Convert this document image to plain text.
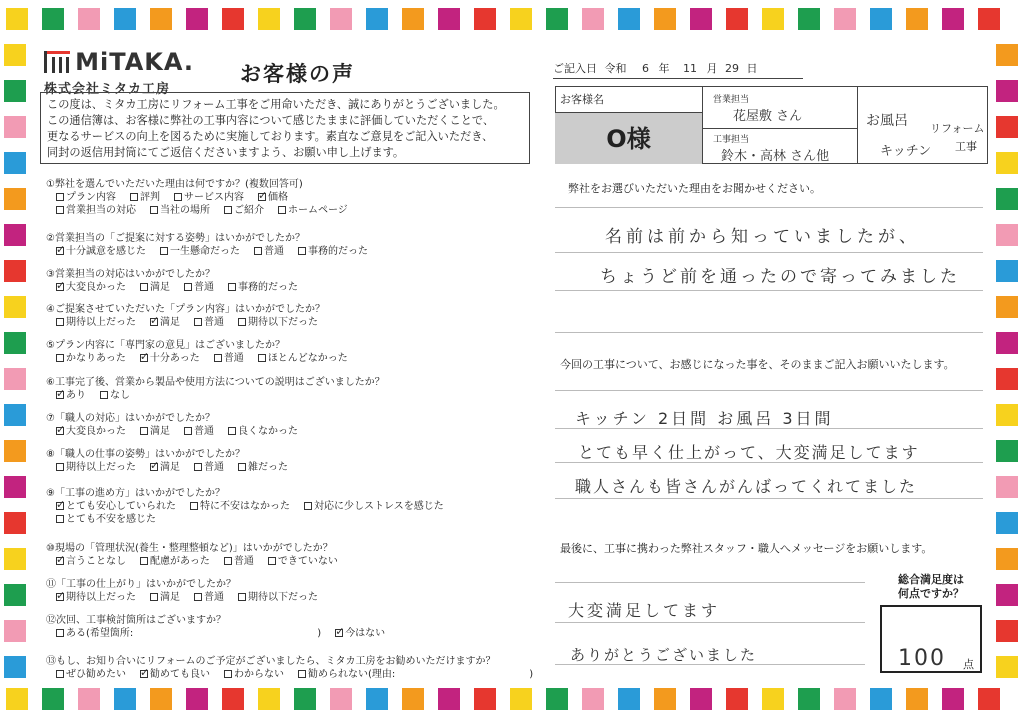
MiTAKA.
株式会社ミタカ工房
お客様の声
この度は、ミタカ工房にリフォーム工事をご用命いただき、誠にありがとうございました。
この通信簿は、お客様に弊社の工事内容について感じたままに評価していただくことで、
更なるサービスの向上を図るために実施しております。素直なご意見をご記入いただき、
同封の返信用封筒にてご返信くださいますよう、お願い申し上げます。
①弊社を選んでいただいた理由は何ですか？(複数回答可)
プラン内容 評判 サービス内容 ✓ 価格
営業担当の対応 当社の場所 ご紹介 ホームページ
②営業担当の「ご提案に対する姿勢」はいかがでしたか？
✓十分誠意を感じた 一生懸命だった 普通 事務的だった
③営業担当の対応はいかがでしたか？
✓大変良かった 満足 普通 事務的だった
④ご提案させていただいた「プラン内容」はいかがでしたか？
期待以上だった ✓ 満足 普通 期待以下だった
⑤プラン内容に「専門家の意見」はございましたか？
かなりあった ✓ 十分あった 普通 ほとんどなかった
⑥工事完了後、営業から製品や使用方法についての説明はございましたか？
✓あり なし
⑦「職人の対応」はいかがでしたか？
✓大変良かった 満足 普通 良くなかった
⑧「職人の仕事の姿勢」はいかがでしたか？
期待以上だった ✓ 満足 普通 雑だった
⑨「工事の進め方」はいかがでしたか？
✓とても安心していられた 特に不安はなかった 対応に少しストレスを感じた
とても不安を感じた
⑩現場の「管理状況(養生・整理整頓など)」はいかがでしたか？
✓言うことなし 配慮があった 普通 できていない
⑪「工事の仕上がり」はいかがでしたか？
✓期待以上だった 満足 普通 期待以下だった
⑫次回、工事検討箇所はございますか？
ある(希望箇所:	) ✓ 今はない
⑬もし、お知り合いにリフォームのご予定がございましたら、ミタカ工房をお勧めいただけますか？
ぜひ勧めたい ✓ 勧めても良い わからない 勧められない(理由:	)
ご記入日 令和 6 年 11 月 29 日
お客様名
O様
営業担当
花屋敷 さん
工事担当
鈴木・高林 さん他
お風呂 リフォーム
キッチン 工事
弊社をお選びいただいた理由をお聞かせください。
名前は前から知っていましたが、
ちょうど前を通ったので寄ってみました
今回の工事について、お感じになった事を、そのままご記入お願いいたします。
キッチン 2日間 お風呂 3日間
とても早く仕上がって、大変満足してます
職人さんも皆さんがんばってくれてました
最後に、工事に携わった弊社スタッフ・職人へメッセージをお願いします。
大変満足してます
ありがとうございました
総合満足度は
何点ですか？
100 点
